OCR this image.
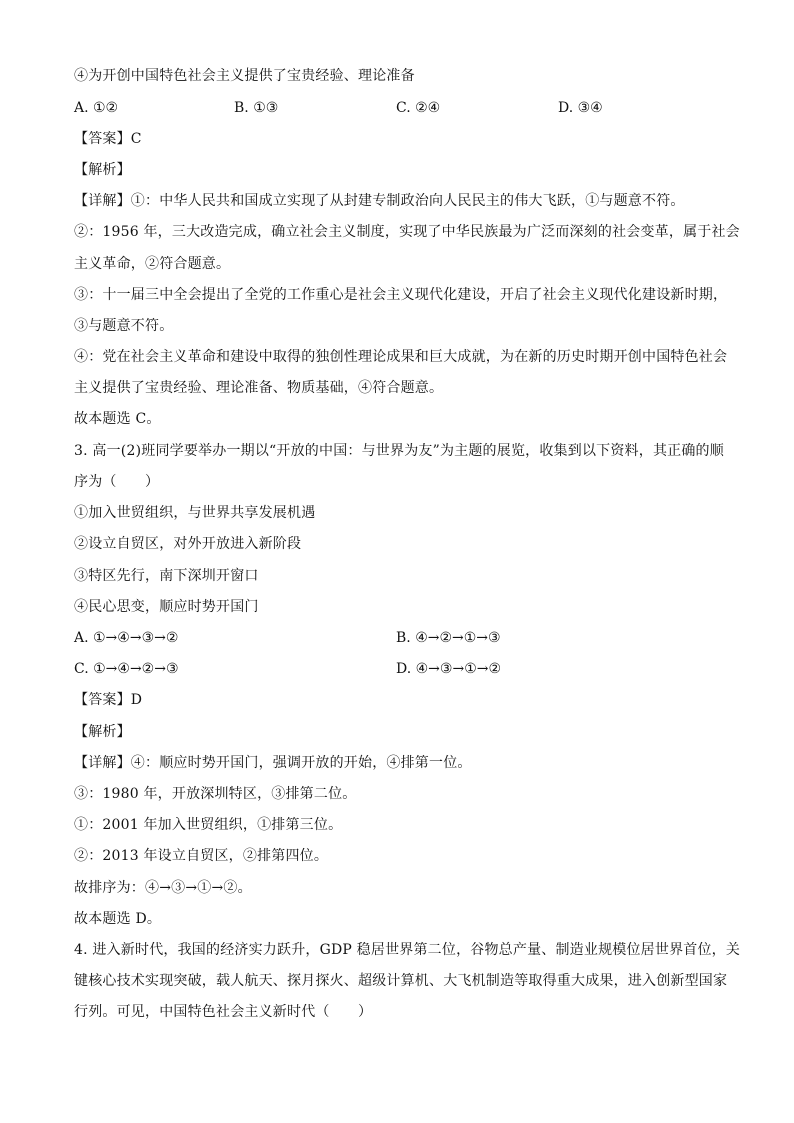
④为开创中国特色社会主义提供了宝贵经验、理论准备
A. ①②	B. ①③	C. ②④	D. ③④
【答案】C
【解析】
【详解】①：中华人民共和国成立实现了从封建专制政治向人民民主的伟大飞跃，①与题意不符。
②：1956 年，三大改造完成，确立社会主义制度，实现了中华民族最为广泛而深刻的社会变革，属于社会
主义革命，②符合题意。
③：十一届三中全会提出了全党的工作重心是社会主义现代化建设，开启了社会主义现代化建设新时期，
③与题意不符。
④：党在社会主义革命和建设中取得的独创性理论成果和巨大成就，为在新的历史时期开创中国特色社会
主义提供了宝贵经验、理论准备、物质基础，④符合题意。
故本题选 C。
3. 高一(2)班同学要举办一期以“开放的中国：与世界为友”为主题的展览，收集到以下资料，其正确的顺
序为（　　）
①加入世贸组织，与世界共享发展机遇
②设立自贸区，对外开放进入新阶段
③特区先行，南下深圳开窗口
④民心思变，顺应时势开国门
A. ①→④→③→②	B. ④→②→①→③
C. ①→④→②→③	D. ④→③→①→②
【答案】D
【解析】
【详解】④：顺应时势开国门，强调开放的开始，④排第一位。
③：1980 年，开放深圳特区，③排第二位。
①：2001 年加入世贸组织，①排第三位。
②：2013 年设立自贸区，②排第四位。
故排序为：④→③→①→②。
故本题选 D。
4. 进入新时代，我国的经济实力跃升，GDP 稳居世界第二位，谷物总产量、制造业规模位居世界首位，关
键核心技术实现突破，载人航天、探月探火、超级计算机、大飞机制造等取得重大成果，进入创新型国家
行列。可见，中国特色社会主义新时代（　　）
